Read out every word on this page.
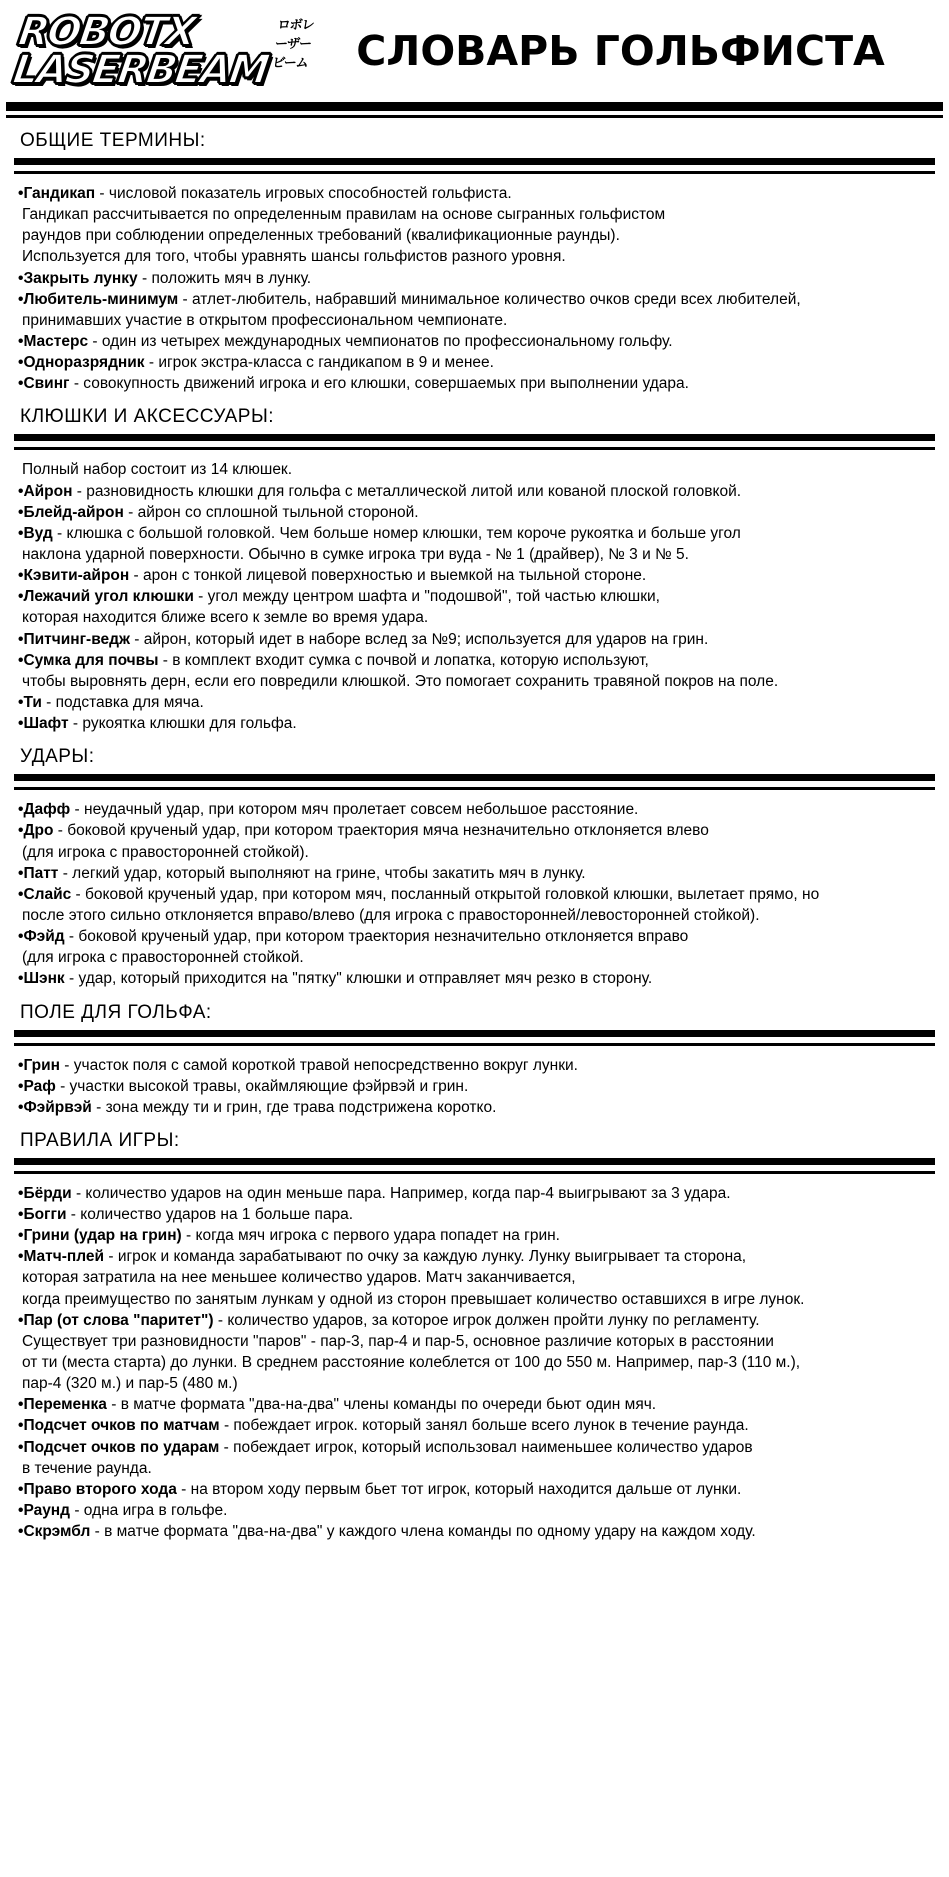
ROBOTX
LASERBEAM
ロボレーザービーム	СЛОВАРЬ ГОЛЬФИСТА
ОБЩИЕ ТЕРМИНЫ:
•Гандикап - числовой показатель игровых способностей гольфиста.
Гандикап рассчитывается по определенным правилам на основе сыгранных гольфистом
раундов при соблюдении определенных требований (квалификационные раунды).
Используется для того, чтобы уравнять шансы гольфистов разного уровня.
•Закрыть лунку - положить мяч в лунку.
•Любитель-минимум - атлет-любитель, набравший минимальное количество очков среди всех любителей,
принимавших участие в открытом профессиональном чемпионате.
•Мастерс - один из четырех международных чемпионатов по профессиональному гольфу.
•Одноразрядник - игрок экстра-класса с гандикапом в 9 и менее.
•Свинг - совокупность движений игрока и его клюшки, совершаемых при выполнении удара.
КЛЮШКИ И АКСЕССУАРЫ:
Полный набор состоит из 14 клюшек.
•Айрон - разновидность клюшки для гольфа с металлической литой или кованой плоской головкой.
•Блейд-айрон - айрон со сплошной тыльной стороной.
•Вуд - клюшка с большой головкой. Чем больше номер клюшки, тем короче рукоятка и больше угол
наклона ударной поверхности. Обычно в сумке игрока три вуда - № 1 (драйвер), № 3 и № 5.
•Кэвити-айрон - арон с тонкой лицевой поверхностью и выемкой на тыльной стороне.
•Лежачий угол клюшки - угол между центром шафта и "подошвой", той частью клюшки,
которая находится ближе всего к земле во время удара.
•Питчинг-ведж - айрон, который идет в наборе вслед за №9; используется для ударов на грин.
•Сумка для почвы - в комплект входит сумка с почвой и лопатка, которую используют,
чтобы выровнять дерн, если его повредили клюшкой. Это помогает сохранить травяной покров на поле.
•Ти - подставка для мяча.
•Шафт - рукоятка клюшки для гольфа.
УДАРЫ:
•Дафф - неудачный удар, при котором мяч пролетает совсем небольшое расстояние.
•Дро - боковой крученый удар, при котором траектория мяча незначительно отклоняется влево
(для игрока с правосторонней стойкой).
•Патт - легкий удар, который выполняют на грине, чтобы закатить мяч в лунку.
•Слайс - боковой крученый удар, при котором мяч, посланный открытой головкой клюшки, вылетает прямо, но
после этого сильно отклоняется вправо/влево (для игрока с правосторонней/левосторонней стойкой).
•Фэйд - боковой крученый удар, при котором траектория незначительно отклоняется вправо
(для игрока с правосторонней стойкой.
•Шэнк - удар, который приходится на "пятку" клюшки и отправляет мяч резко в сторону.
ПОЛЕ ДЛЯ ГОЛЬФА:
•Грин - участок поля с самой короткой травой непосредственно вокруг лунки.
•Раф - участки высокой травы, окаймляющие фэйрвэй и грин.
•Фэйрвэй - зона между ти и грин, где трава подстрижена коротко.
ПРАВИЛА ИГРЫ:
•Бёрди - количество ударов на один меньше пара. Например, когда пар-4 выигрывают за 3 удара.
•Богги - количество ударов на 1 больше пара.
•Грини (удар на грин) - когда мяч игрока с первого удара попадет на грин.
•Матч-плей - игрок и команда зарабатывают по очку за каждую лунку. Лунку выигрывает та сторона,
которая затратила на нее меньшее количество ударов. Матч заканчивается,
когда преимущество по занятым лункам у одной из сторон превышает количество оставшихся в игре лунок.
•Пар (от слова "паритет") - количество ударов, за которое игрок должен пройти лунку по регламенту.
Существует три разновидности "паров" - пар-3, пар-4 и пар-5, основное различие которых в расстоянии
от ти (места старта) до лунки. В среднем расстояние колеблется от 100 до 550 м. Например, пар-3 (110 м.),
пар-4 (320 м.) и пар-5 (480 м.)
•Переменка - в матче формата "два-на-два" члены команды по очереди бьют один мяч.
•Подсчет очков по матчам - побеждает игрок. который занял больше всего лунок в течение раунда.
•Подсчет очков по ударам - побеждает игрок, который использовал наименьшее количество ударов
в течение раунда.
•Право второго хода - на втором ходу первым бьет тот игрок, который находится дальше от лунки.
•Раунд - одна игра в гольфе.
•Скрэмбл - в матче формата "два-на-два" у каждого члена команды по одному удару на каждом ходу.
